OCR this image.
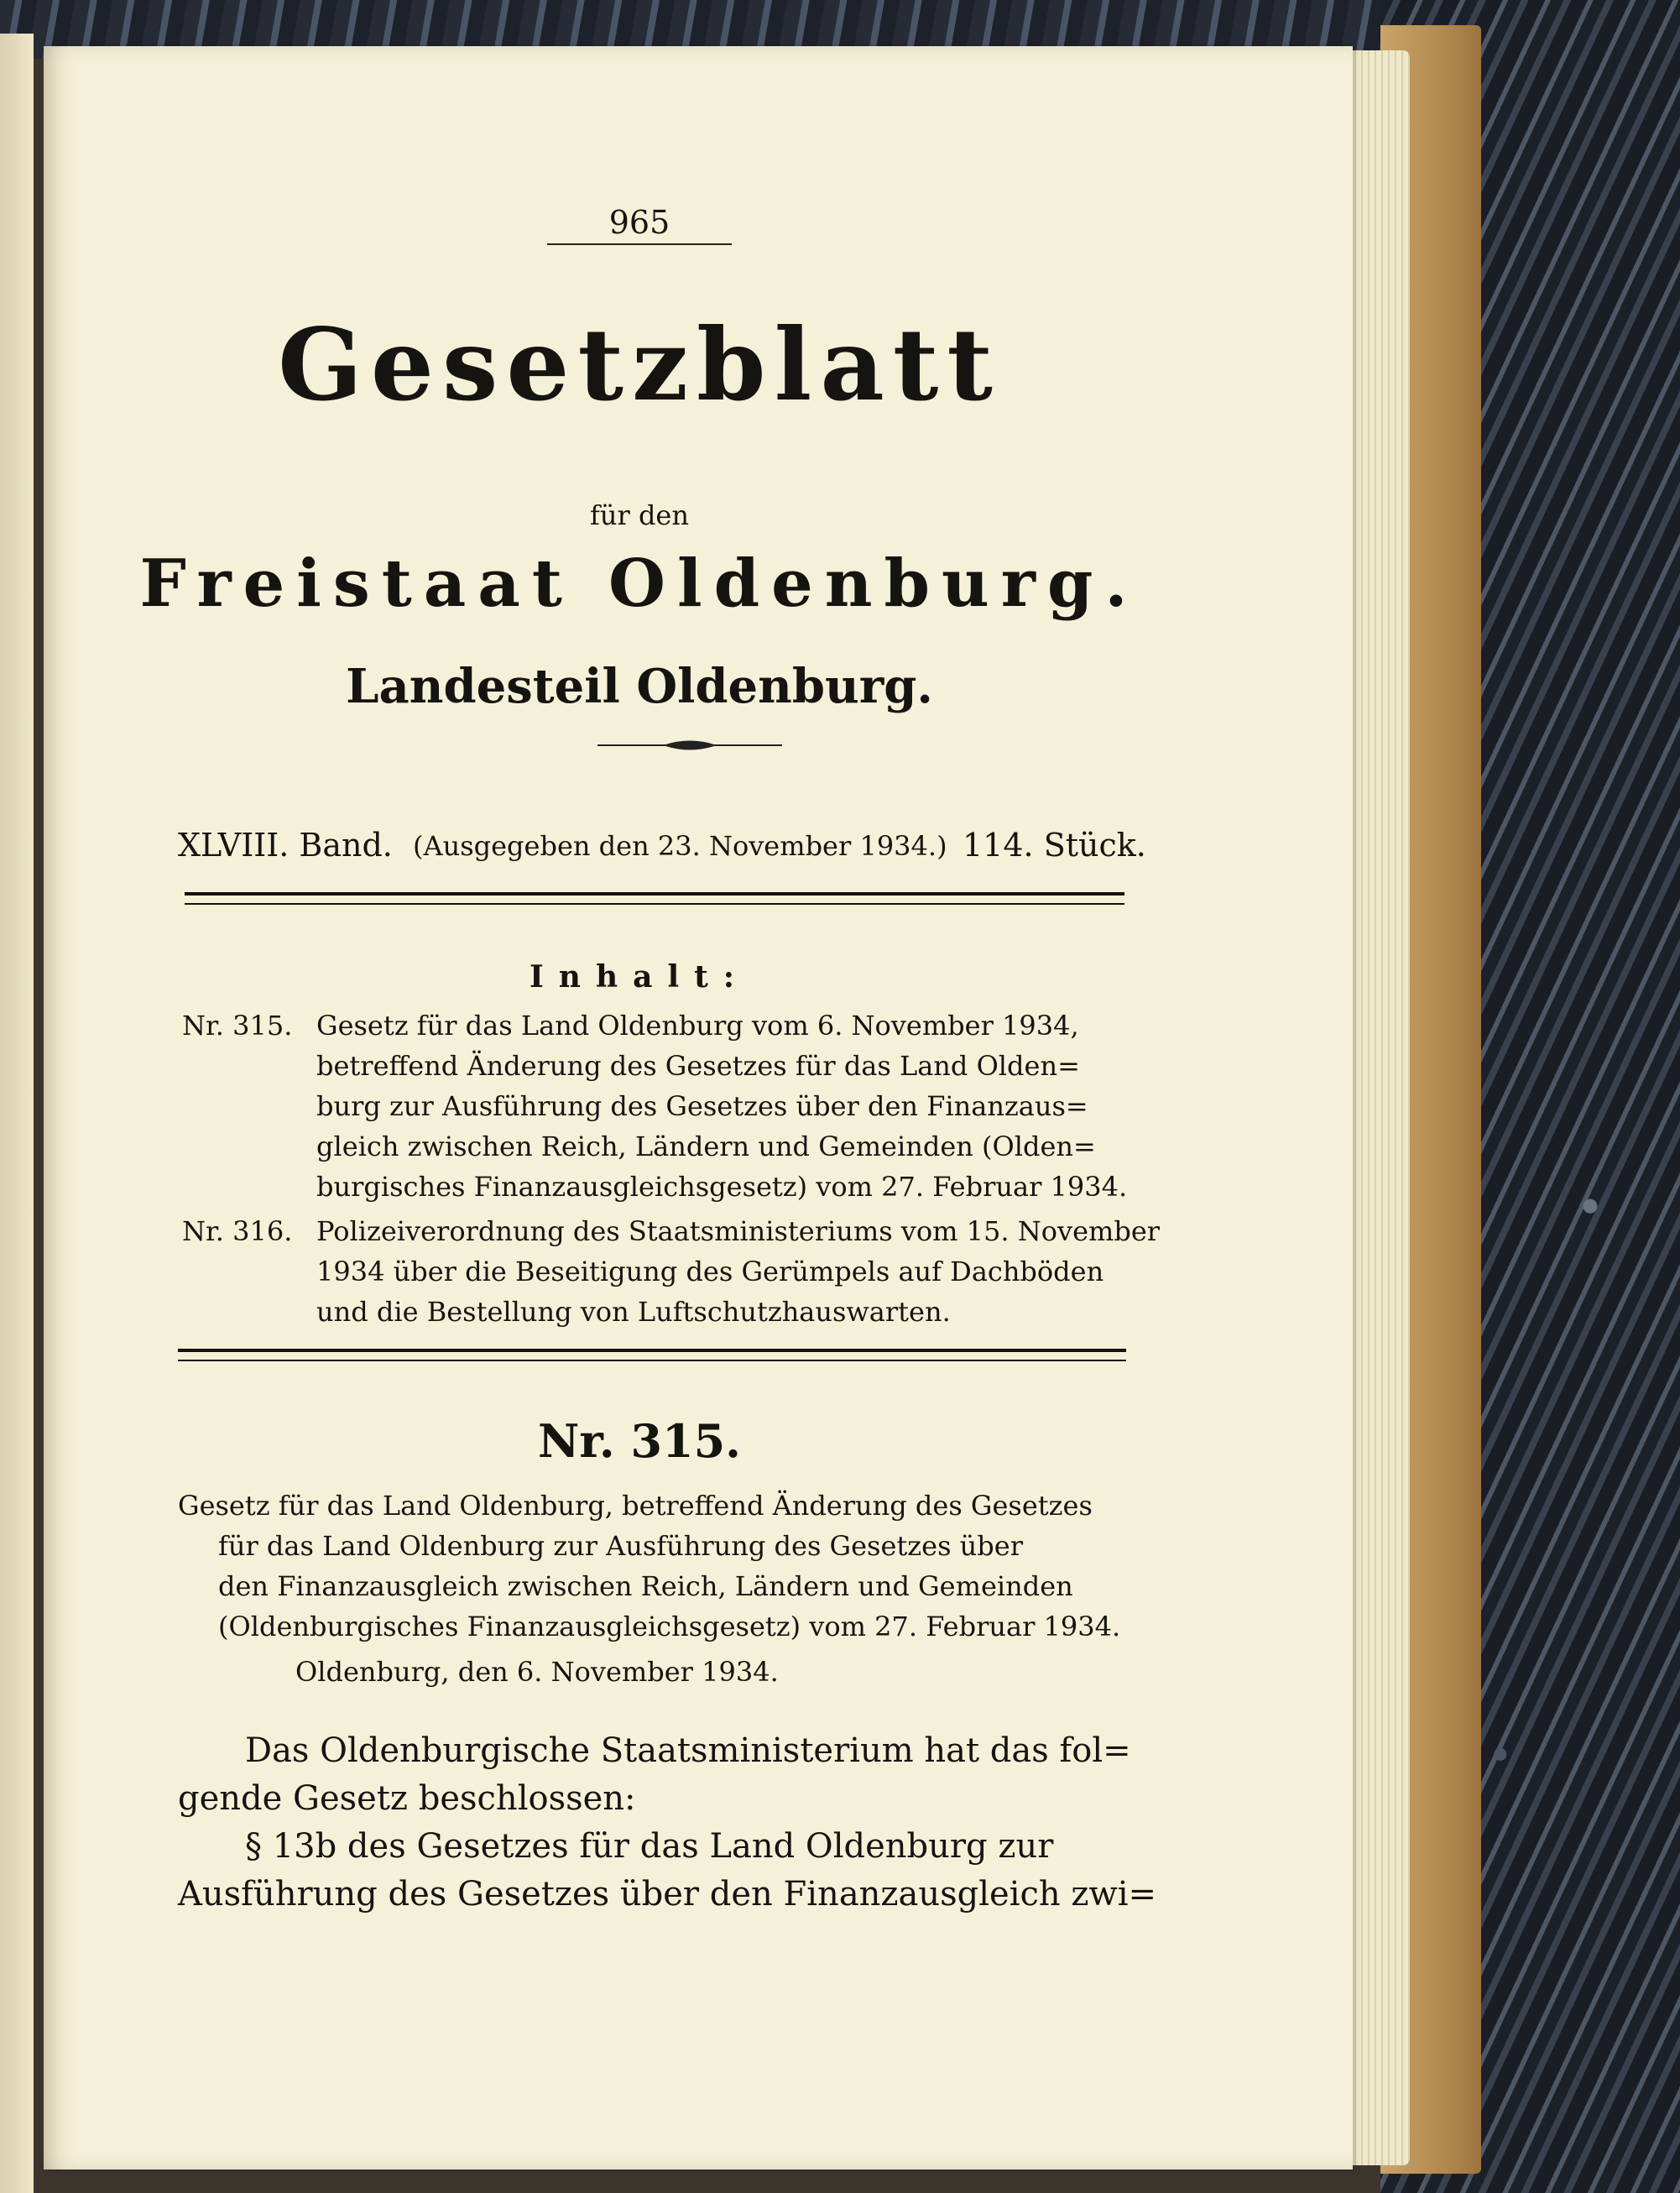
965
Gesetzblatt
für den
Freistaat Oldenburg.
Landesteil Oldenburg.
XLVIII. Band. (Ausgegeben den 23. November 1934.) 114. Stück.
Inhalt:
Nr. 315. Gesetz für das Land Oldenburg vom 6. November 1934,
betreffend Änderung des Gesetzes für das Land Olden=
burg zur Ausführung des Gesetzes über den Finanzaus=
gleich zwischen Reich, Ländern und Gemeinden (Olden=
burgisches Finanzausgleichsgesetz) vom 27. Februar 1934.
Nr. 316. Polizeiverordnung des Staatsministeriums vom 15. November
1934 über die Beseitigung des Gerümpels auf Dachböden
und die Bestellung von Luftschutzhauswarten.
Nr. 315.
Gesetz für das Land Oldenburg, betreffend Änderung des Gesetzes
für das Land Oldenburg zur Ausführung des Gesetzes über
den Finanzausgleich zwischen Reich, Ländern und Gemeinden
(Oldenburgisches Finanzausgleichsgesetz) vom 27. Februar 1934.
Oldenburg, den 6. November 1934.
Das Oldenburgische Staatsministerium hat das fol=
gende Gesetz beschlossen:
§ 13b des Gesetzes für das Land Oldenburg zur
Ausführung des Gesetzes über den Finanzausgleich zwi=
